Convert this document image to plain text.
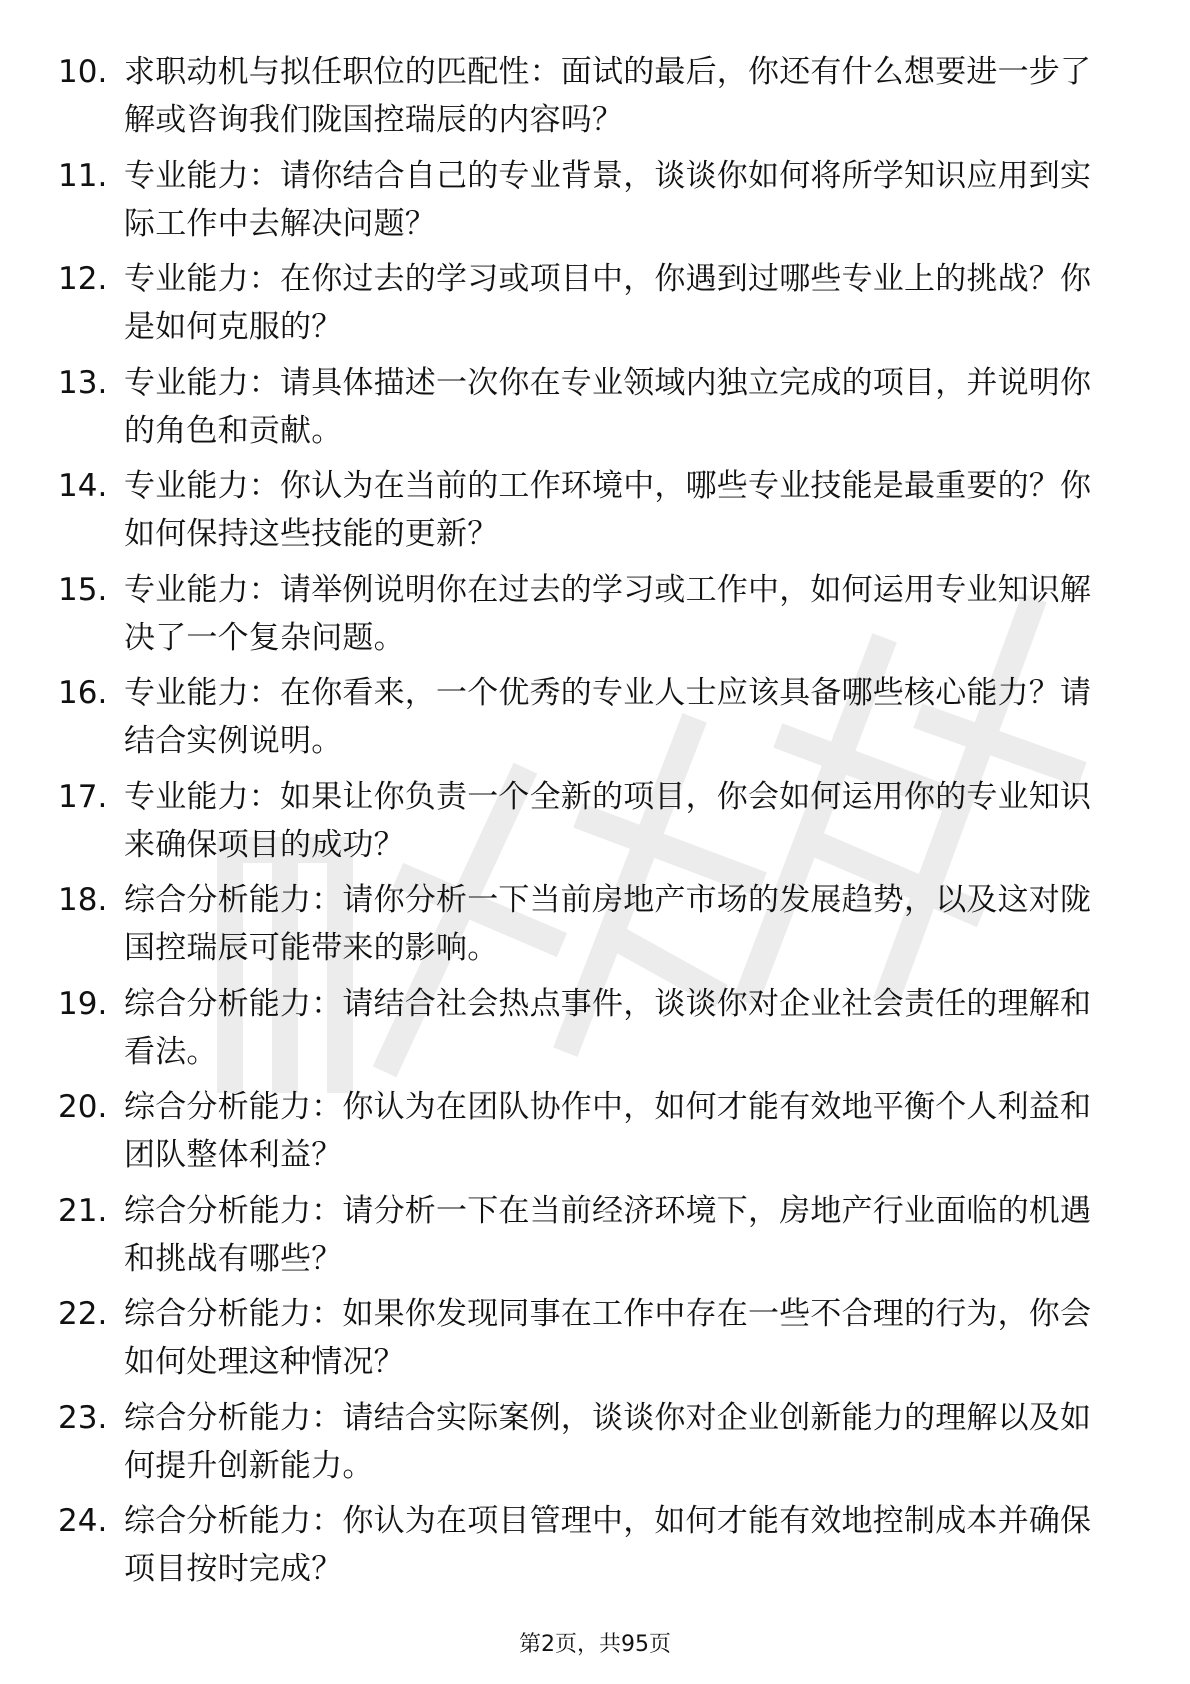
10. 求职动机与拟任职位的匹配性：面试的最后，你还有什么想要进一步了解或咨询我们陇国控瑞辰的内容吗？
11. 专业能力：请你结合自己的专业背景，谈谈你如何将所学知识应用到实际工作中去解决问题？
12. 专业能力：在你过去的学习或项目中，你遇到过哪些专业上的挑战？你是如何克服的？
13. 专业能力：请具体描述一次你在专业领域内独立完成的项目，并说明你的角色和贡献。
14. 专业能力：你认为在当前的工作环境中，哪些专业技能是最重要的？你如何保持这些技能的更新？
15. 专业能力：请举例说明你在过去的学习或工作中，如何运用专业知识解决了一个复杂问题。
16. 专业能力：在你看来，一个优秀的专业人士应该具备哪些核心能力？请结合实例说明。
17. 专业能力：如果让你负责一个全新的项目，你会如何运用你的专业知识来确保项目的成功？
18. 综合分析能力：请你分析一下当前房地产市场的发展趋势，以及这对陇国控瑞辰可能带来的影响。
19. 综合分析能力：请结合社会热点事件，谈谈你对企业社会责任的理解和看法。
20. 综合分析能力：你认为在团队协作中，如何才能有效地平衡个人利益和团队整体利益？
21. 综合分析能力：请分析一下在当前经济环境下，房地产行业面临的机遇和挑战有哪些？
22. 综合分析能力：如果你发现同事在工作中存在一些不合理的行为，你会如何处理这种情况？
23. 综合分析能力：请结合实际案例，谈谈你对企业创新能力的理解以及如何提升创新能力。
24. 综合分析能力：你认为在项目管理中，如何才能有效地控制成本并确保项目按时完成？
第2页，共95页
